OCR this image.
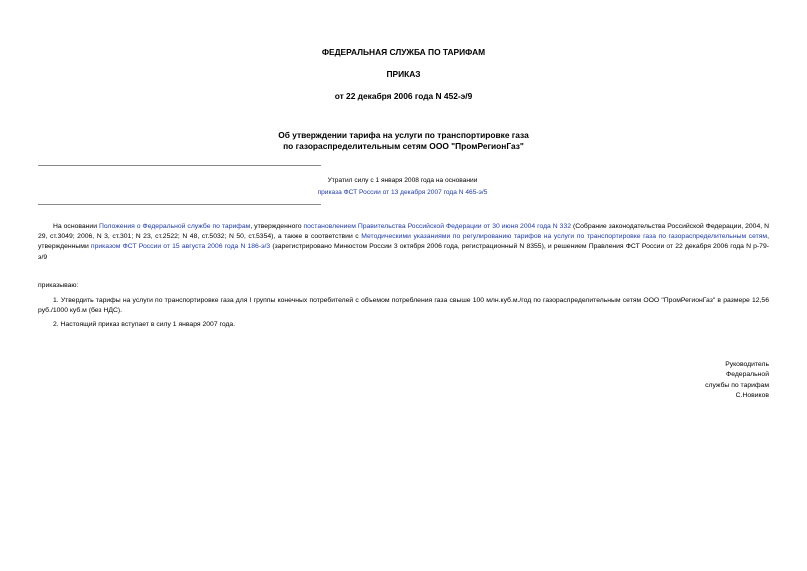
ФЕДЕРАЛЬНАЯ СЛУЖБА ПО ТАРИФАМ
ПРИКАЗ
от 22 декабря 2006 года N 452-э/9
Об утверждении тарифа на услуги по транспортировке газа
по газораспределительным сетям ООО "ПромРегионГаз"
Утратил силу с 1 января 2008 года на основании
приказа ФСТ России от 13 декабря 2007 года N 465-э/5
На основании Положения о Федеральной службе по тарифам, утвержденного постановлением Правительства Российской Федерации от 30 июня 2004 года N 332 (Собрание законодательства Российской Федерации, 2004, N 29, ст.3049; 2006, N 3, ст.301; N 23, ст.2522; N 48, ст.5032; N 50, ст.5354), а также в соответствии с Методическими указаниями по регулированию тарифов на услуги по транспортировке газа по газораспределительным сетям, утвержденными приказом ФСТ России от 15 августа 2006 года N 186-э/3 (зарегистрировано Минюстом России 3 октября 2006 года, регистрационный N 8355), и решением Правления ФСТ России от 22 декабря 2006 года N р-79-э/9
приказываю:
1. Утвердить тарифы на услуги по транспортировке газа для I группы конечных потребителей с объемом потребления газа свыше 100 млн.куб.м./год по газораспределительным сетям ООО "ПромРегионГаз" в размере 12,56 руб./1000 куб.м (без НДС).
2. Настоящий приказ вступает в силу 1 января 2007 года.
Руководитель
Федеральной
службы по тарифам
С.Новиков
